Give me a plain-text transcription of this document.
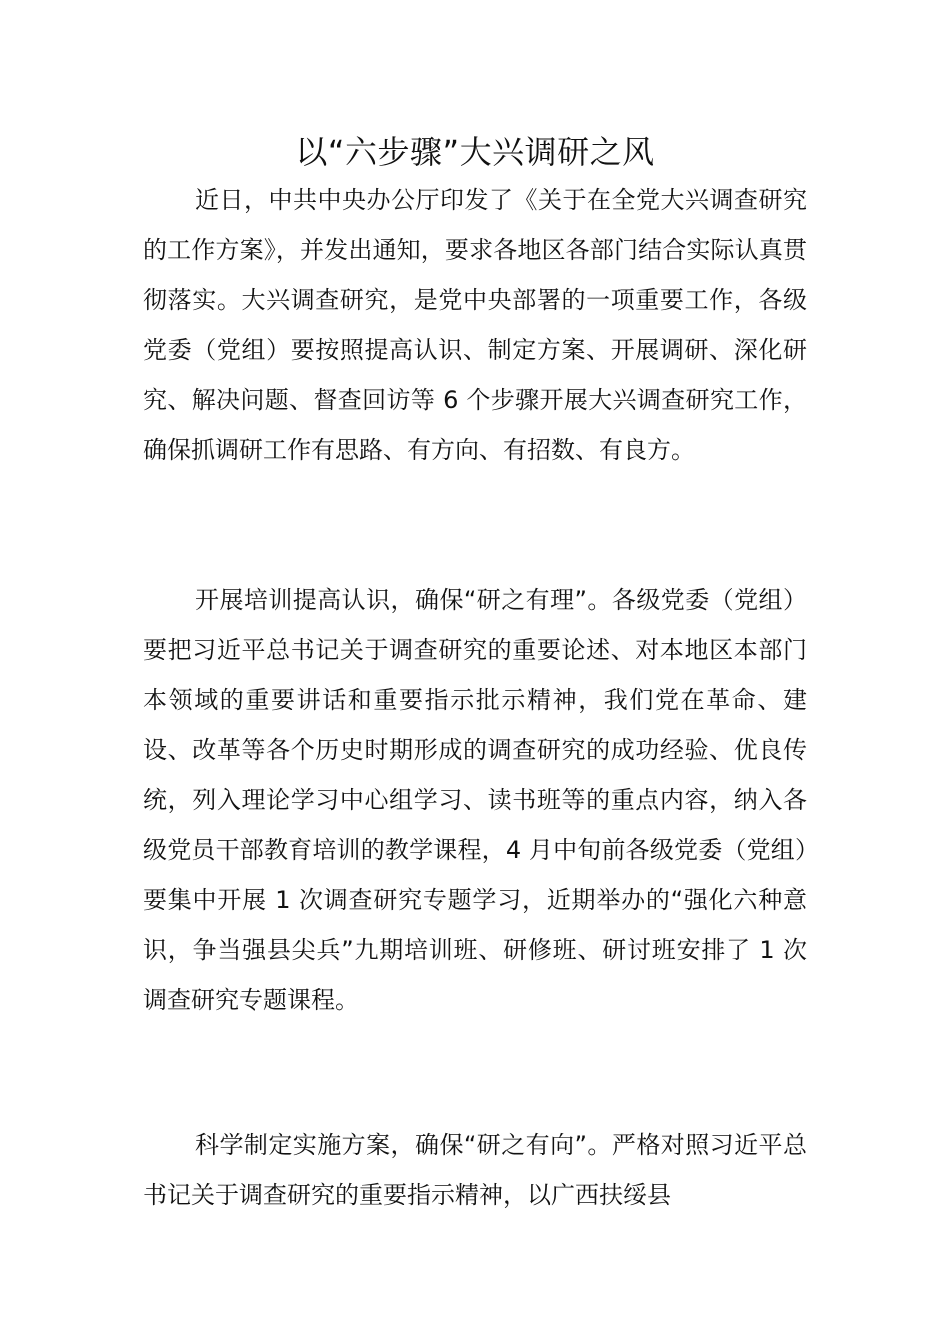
以“六步骤”大兴调研之风

近日，中共中央办公厅印发了《关于在全党大兴调查研究的工作方案》，并发出通知，要求各地区各部门结合实际认真贯彻落实。大兴调查研究，是党中央部署的一项重要工作，各级党委（党组）要按照提高认识、制定方案、开展调研、深化研究、解决问题、督查回访等 6 个步骤开展大兴调查研究工作，确保抓调研工作有思路、有方向、有招数、有良方。

开展培训提高认识，确保“研之有理”。各级党委（党组）要把习近平总书记关于调查研究的重要论述、对本地区本部门本领域的重要讲话和重要指示批示精神，我们党在革命、建设、改革等各个历史时期形成的调查研究的成功经验、优良传统，列入理论学习中心组学习、读书班等的重点内容，纳入各级党员干部教育培训的教学课程，4 月中旬前各级党委（党组）要集中开展 1 次调查研究专题学习，近期举办的“强化六种意识，争当强县尖兵”九期培训班、研修班、研讨班安排了 1 次调查研究专题课程。

科学制定实施方案，确保“研之有向”。严格对照习近平总书记关于调查研究的重要指示精神，以广西扶绥县
